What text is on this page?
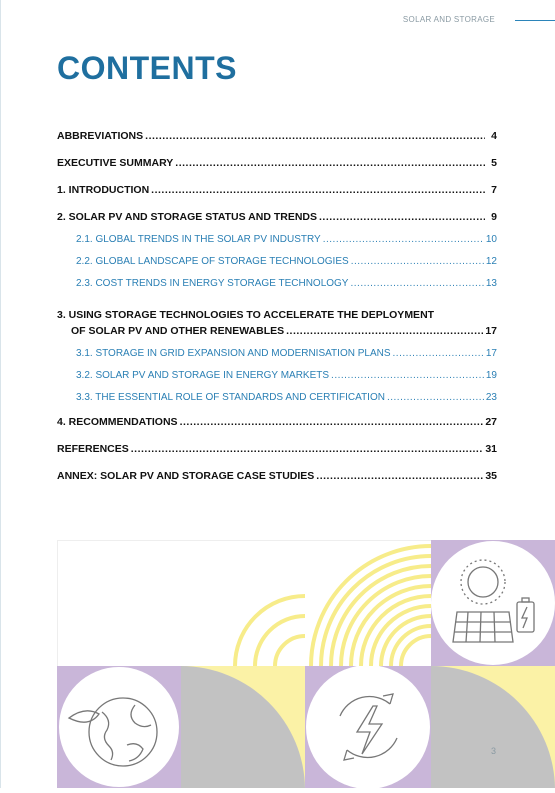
SOLAR AND STORAGE
CONTENTS
ABBREVIATIONS .....	4
EXECUTIVE SUMMARY .....	5
1. INTRODUCTION .....	7
2. SOLAR PV AND STORAGE STATUS AND TRENDS .....	9
2.1. GLOBAL TRENDS IN THE SOLAR PV INDUSTRY .....	10
2.2. GLOBAL LANDSCAPE OF STORAGE TECHNOLOGIES .....	12
2.3. COST TRENDS IN ENERGY STORAGE TECHNOLOGY .....	13
3. USING STORAGE TECHNOLOGIES TO ACCELERATE THE DEPLOYMENT
OF SOLAR PV AND OTHER RENEWABLES .....	17
3.1. STORAGE IN GRID EXPANSION AND MODERNISATION PLANS .....	17
3.2. SOLAR PV AND STORAGE IN ENERGY MARKETS .....	19
3.3. THE ESSENTIAL ROLE OF STANDARDS AND CERTIFICATION .....	23
4. RECOMMENDATIONS .....	27
REFERENCES .....	31
ANNEX: SOLAR PV AND STORAGE CASE STUDIES .....	35
3
